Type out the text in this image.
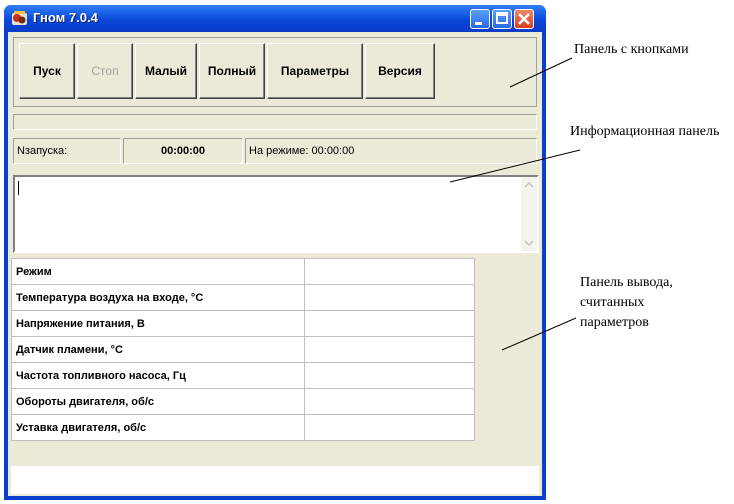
Гном 7.0.4
Пуск	Стоп	Малый	Полный	Параметры	Версия
Nзапуска:	00:00:00	На режиме: 00:00:00
Режим	
Температура воздуха на входе, °С	
Напряжение питания, В	
Датчик пламени, °С	
Частота топливного насоса, Гц	
Обороты двигателя, об/с	
Уставка двигателя, об/с	
Панель с кнопками
Информационная панель
Панель вывода, считанных параметров
